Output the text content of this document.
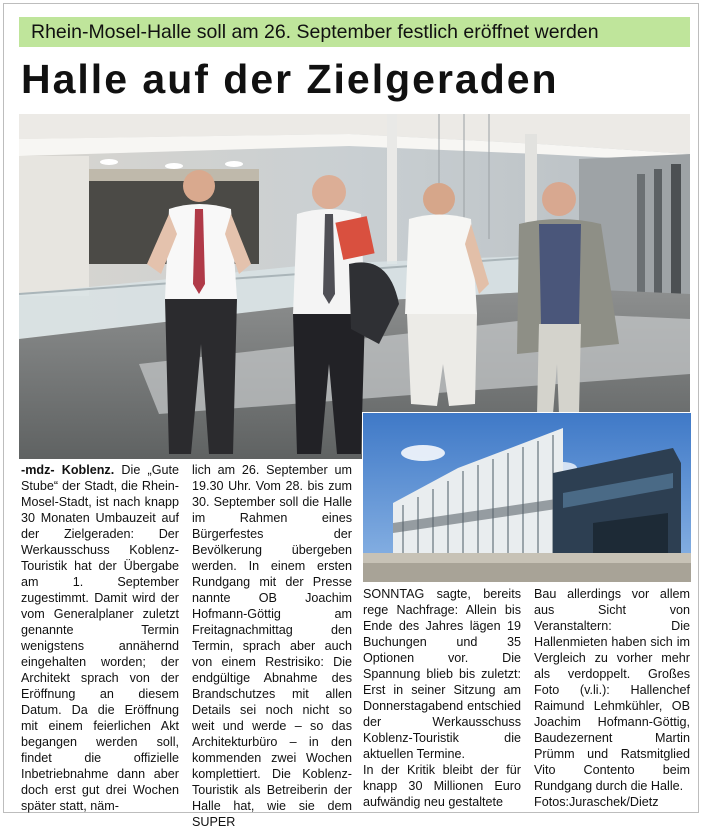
Rhein-Mosel-Halle soll am 26. September festlich eröffnet werden
Halle auf der Zielgeraden
-mdz- Koblenz. Die „Gute Stube“ der Stadt, die Rhein-Mosel-Stadt, ist nach knapp 30 Monaten Umbauzeit auf der Zielgeraden: Der Werkausschuss Koblenz-Touristik hat der Übergabe am 1. September zugestimmt. Damit wird der vom Generalplaner zuletzt genannte Termin wenigstens annähernd eingehalten worden; der Architekt sprach von der Eröffnung an diesem Datum. Da die Eröffnung mit einem feierlichen Akt begangen werden soll, findet die offizielle Inbetriebnahme dann aber doch erst gut drei Wochen später statt, näm-
lich am 26. September um 19.30 Uhr. Vom 28. bis zum 30. September soll die Halle im Rahmen eines Bürgerfestes der Bevölkerung übergeben werden. In einem ersten Rundgang mit der Presse nannte OB Joachim Hofmann-Göttig am Freitagnachmittag den Termin, sprach aber auch von einem Restrisiko: Die endgültige Abnahme des Brandschutzes mit allen Details sei noch nicht so weit und werde – so das Architekturbüro – in den kommenden zwei Wochen komplettiert. Die Koblenz-Touristik als Betreiberin der Halle hat, wie sie dem SUPER
SONNTAG sagte, bereits rege Nachfrage: Allein bis Ende des Jahres lägen 19 Buchungen und 35 Optionen vor. Die Spannung blieb bis zuletzt: Erst in seiner Sitzung am Donnerstagabend entschied der Werkausschuss Koblenz-Touristik die aktuellen Termine.
In der Kritik bleibt der für knapp 30 Millionen Euro aufwändig neu gestaltete
Bau allerdings vor allem aus Sicht von Veranstaltern: Die Hallenmieten haben sich im Vergleich zu vorher mehr als verdoppelt. Großes Foto (v.li.): Hallenchef Raimund Lehmkühler, OB Joachim Hofmann-Göttig, Baudezernent Martin Prümm und Ratsmitglied Vito Contento beim Rundgang durch die Halle.
Fotos:Juraschek/Dietz
